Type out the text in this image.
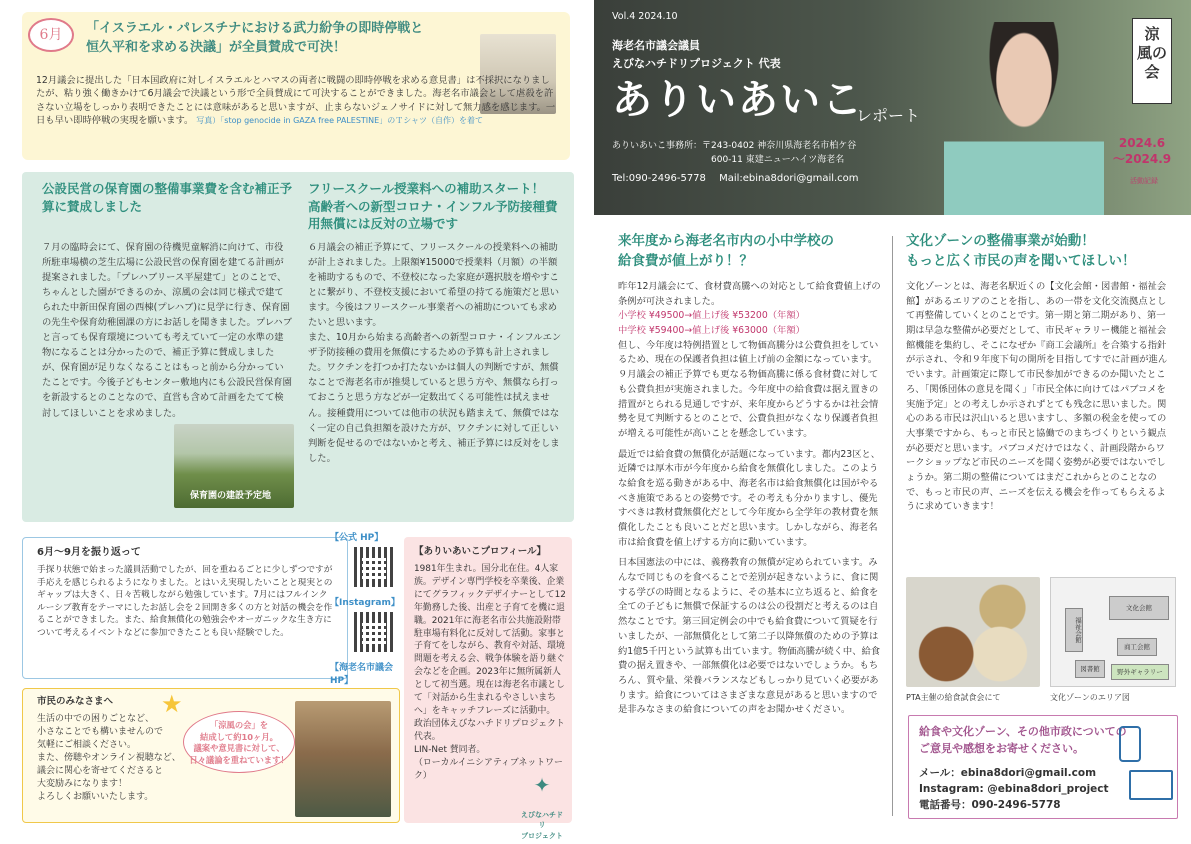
6月	「イスラエル・パレスチナにおける武力紛争の即時停戦と
恒久平和を求める決議」が全員賛成で可決！
12月議会に提出した「日本国政府に対しイスラエルとハマスの両者に戦闘の即時停戦を求める意見書」は不採択になりましたが、粘り強く働きかけて6月議会で決議という形で全員賛成にて可決することができました。海老名市議会として虐殺を許さない立場をしっかり表明できたことには意味があると思いますが、止まらないジェノサイドに対して無力感を感じます。一日も早い即時停戦の実現を願います。 写真）「stop genocide in GAZA free PALESTINE」のＴシャツ（自作）を着て
公設民営の保育園の整備事業費を含む補正予算に賛成しました
フリースクール授業料への補助スタート！
高齢者への新型コロナ・インフル予防接種費用無償には反対の立場です
７月の臨時会にて、保育園の待機児童解消に向けて、市役所駐車場横の芝生広場に公設民営の保育園を建てる計画が提案されました。「プレハブリース平屋建て」とのことで、ちゃんとした園ができるのか、涼風の会は同じ様式で建てられた中新田保育園の西棟(プレハブ)に見学に行き、保育園の先生や保育幼稚園課の方にお話しを聞きました。プレハブと言っても保育環境についても考えていて一定の水準の建物になることは分かったので、補正予算に賛成しましたが、保育園が足りなくなることはもっと前から分かっていたことです。今後子どもセンター敷地内にも公設民営保育園を新設するとのことなので、直営も含めて計画をたてて検討してほしいことを求めました。
６月議会の補正予算にて、フリースクールの授業料への補助が計上されました。上限額¥15000で授業料（月額）の半額を補助するもので、不登校になった家庭が選択肢を増やすことに繋がり、不登校支援において希望の持てる施策だと思います。今後はフリースクール事業者への補助についても求めたいと思います。
また、10月から始まる高齢者への新型コロナ・インフルエンザ予防接種の費用を無償にするための予算も計上されました。ワクチンを打つか打たないかは個人の判断ですが、無償なことで海老名市が推奨していると思う方や、無償なら打っておこうと思う方などが一定数出てくる可能性は拭えません。接種費用については他市の状況も踏まえて、無償ではなく一定の自己負担額を設けた方が、ワクチンに対して正しい判断を促せるのではないかと考え、補正予算には反対をしました。
保育園の建設予定地
6月～9月を振り返って
手探り状態で始まった議員活動でしたが、回を重ねるごとに少しずつですが手応えを感じられるようになりました。とはいえ実現したいことと現実とのギャップは大きく、日々苦戦しながら勉強しています。7月にはフルインクルーシブ教育をテーマにしたお話し会を２回開き多くの方と対話の機会を作ることができました。また、給食無償化の勉強会やオーガニックな生き方について考えるイベントなどに参加できたことも良い経験でした。
【公式 HP】
【Instagram】
【海老名市議会 HP】
【ありいあいこプロフィール】
1981年生まれ。国分北在住。4人家族。デザイン専門学校を卒業後、企業にてグラフィックデザイナーとして12年勤務した後、出産と子育てを機に退職。2021年に海老名市公共施設附帯駐車場有料化に反対して活動。家事と子育てをしながら、教育や対話、環境問題を考える会、戦争体験を語り継ぐ会などを企画。2023年に無所属新人として初当選。現在は海老名市議として「対話から生まれるやさしいまち へ」をキャッチフレーズに活動中。
政治団体えびなハチドリプロジェクト代表。
LIN-Net 賛同者。
（ローカルイニシアティブネットワーク）	✦

えびなハチドリ
プロジェクト

市民のみなさまへ ★
生活の中での困りごとなど、
小さなことでも構いませんので
気軽にご相談ください。
また、傍聴やオンライン視聴など、
議会に関心を寄せてくださると
大変励みになります！
よろしくお願いいたします。
「涼風の会」を
結成して約10ヶ月。
議案や意見書に対して、
日々議論を重ねています！
Vol.4 2024.10
海老名市議会議員
えびなハチドリプロジェクト 代表
ありいあいこ
レポート
ありいあいこ事務所：〒243-0402 神奈川県海老名市柏ケ谷
　　　　　　　　　　　600-11 東建ニューハイツ海老名
Tel:090-2496-5778　 Mail:ebina8dori@gmail.com
涼
風の
会
2024.6
～2024.9
活動記録
来年度から海老名市内の小中学校の
給食費が値上がり！？
昨年12月議会にて、食材費高騰への対応として給食費値上げの条例が可決されました。
小学校 ¥49500→値上げ後 ¥53200（年額）
中学校 ¥59400→値上げ後 ¥63000（年額）
但し、今年度は特例措置として物価高騰分は公費負担をしているため、現在の保護者負担は値上げ前の金額になっています。９月議会の補正予算でも更なる物価高騰に係る食材費に対しても公費負担が実施されました。今年度中の給食費は据え置きの措置がとられる見通しですが、来年度からどうするかは社会情勢を見て判断するとのことで、公費負担がなくなり保護者負担が増える可能性が高いことを懸念しています。
最近では給食費の無償化が話題になっています。都内23区と、近隣では厚木市が今年度から給食を無償化しました。このような給食を巡る動きがある中、海老名市は給食無償化は国がやるべき施策であるとの姿勢です。その考えも分かりますし、優先すべきは教材費無償化だとして今年度から全学年の教材費を無償化したことも良いことだと思います。しかしながら、海老名市は給食費を値上げする方向に動いています。
日本国憲法の中には、義務教育の無償が定められています。みんなで同じものを食べることで差別が起きないように、食に関する学びの時間となるように、その基本に立ち返ると、給食を全ての子どもに無償で保証するのは公の役割だと考えるのは自然なことです。第三回定例会の中でも給食費について質疑を行いましたが、一部無償化として第二子以降無償のための予算は約1億5千円という試算も出ています。物価高騰が続く中、給食費の据え置きや、一部無償化は必要ではないでしょうか。もちろん、質や量、栄養バランスなどもしっかり見ていく必要があります。給食についてはさまざまな意見があると思いますので是非みなさまの給食についての声をお聞かせください。
文化ゾーンの整備事業が始動！
もっと広く市民の声を聞いてほしい！
文化ゾーンとは、海老名駅近くの【文化会館・図書館・福祉会館】があるエリアのことを指し、あの一帯を文化交流拠点として再整備していくとのことです。第一期と第二期があり、第一期は早急な整備が必要だとして、市民ギャラリー機能と福祉会館機能を集約し、そこになぜか『商工会議所』を合築する指針が示され、令和９年度下旬の開所を目指してすでに計画が進んでいます。計画策定に際して市民参加ができるのか聞いたところ、「関係団体の意見を聞く」「市民全体に向けてはパブコメを実施予定」との考えしか示されずとても残念に思いました。関心のある市民は沢山いると思いますし、多額の税金を使っての大事業ですから、もっと市民と協働でのまちづくりという観点が必要だと思います。パブコメだけではなく、計画段階からワークショップなど市民のニーズを聞く姿勢が必要ではないでしょうか。第二期の整備についてはまだこれからとのことなので、もっと市民の声、ニーズを伝える機会を作ってもらえるように求めていきます！
PTA主催の給食試食会にて
文化会館
福祉会館
商工会館
図書館	野外ギャラリー
文化ゾーンのエリア図
給食や文化ゾーン、その他市政についての
ご意見や感想をお寄せください。
メール：ebina8dori@gmail.com
Instagram: @ebina8dori_project
電話番号：090-2496-5778
